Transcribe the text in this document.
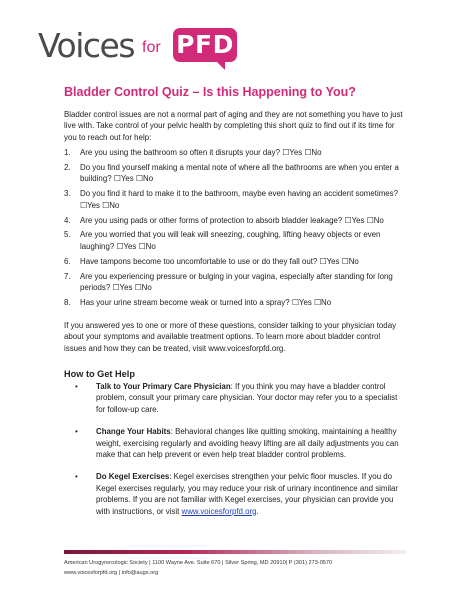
Voices for PFD
Bladder Control Quiz – Is this Happening to You?

Bladder control issues are not a normal part of aging and they are not something you have to just live with. Take control of your pelvic health by completing this short quiz to find out if its time for you to reach out for help:

1.	Are you using the bathroom so often it disrupts your day? ☐Yes ☐No
2.	Do you find yourself making a mental note of where all the bathrooms are when you enter a building? ☐Yes ☐No
3.	Do you find it hard to make it to the bathroom, maybe even having an accident sometimes? ☐Yes ☐No
4.	Are you using pads or other forms of protection to absorb bladder leakage? ☐Yes ☐No
5.	Are you worried that you will leak will sneezing, coughing, lifting heavy objects or even laughing? ☐Yes ☐No
6.	Have tampons become too uncomfortable to use or do they fall out? ☐Yes ☐No
7.	Are you experiencing pressure or bulging in your vagina, especially after standing for long periods? ☐Yes ☐No
8.	Has your urine stream become weak or turned into a spray? ☐Yes ☐No

If you answered yes to one or more of these questions, consider talking to your physician today about your symptoms and available treatment options. To learn more about bladder control issues and how they can be treated, visit www.voicesforpfd.org.

How to Get Help
•	Talk to Your Primary Care Physician: If you think you may have a bladder control problem, consult your primary care physician. Your doctor may refer you to a specialist for follow-up care.
•	Change Your Habits: Behavioral changes like quitting smoking, maintaining a healthy weight, exercising regularly and avoiding heavy lifting are all daily adjustments you can make that can help prevent or even help treat bladder control problems.
•	Do Kegel Exercises: Kegel exercises strengthen your pelvic floor muscles. If you do Kegel exercises regularly, you may reduce your risk of urinary incontinence and similar problems. If you are not familiar with Kegel exercises, your physician can provide you with instructions, or visit www.voicesforpfd.org.

American Urogynecologic Society | 1100 Wayne Ave. Suite 670 | Silver Spring, MD 20910| P (301) 273-0570

www.voicesforpfd.org | info@augs.org
